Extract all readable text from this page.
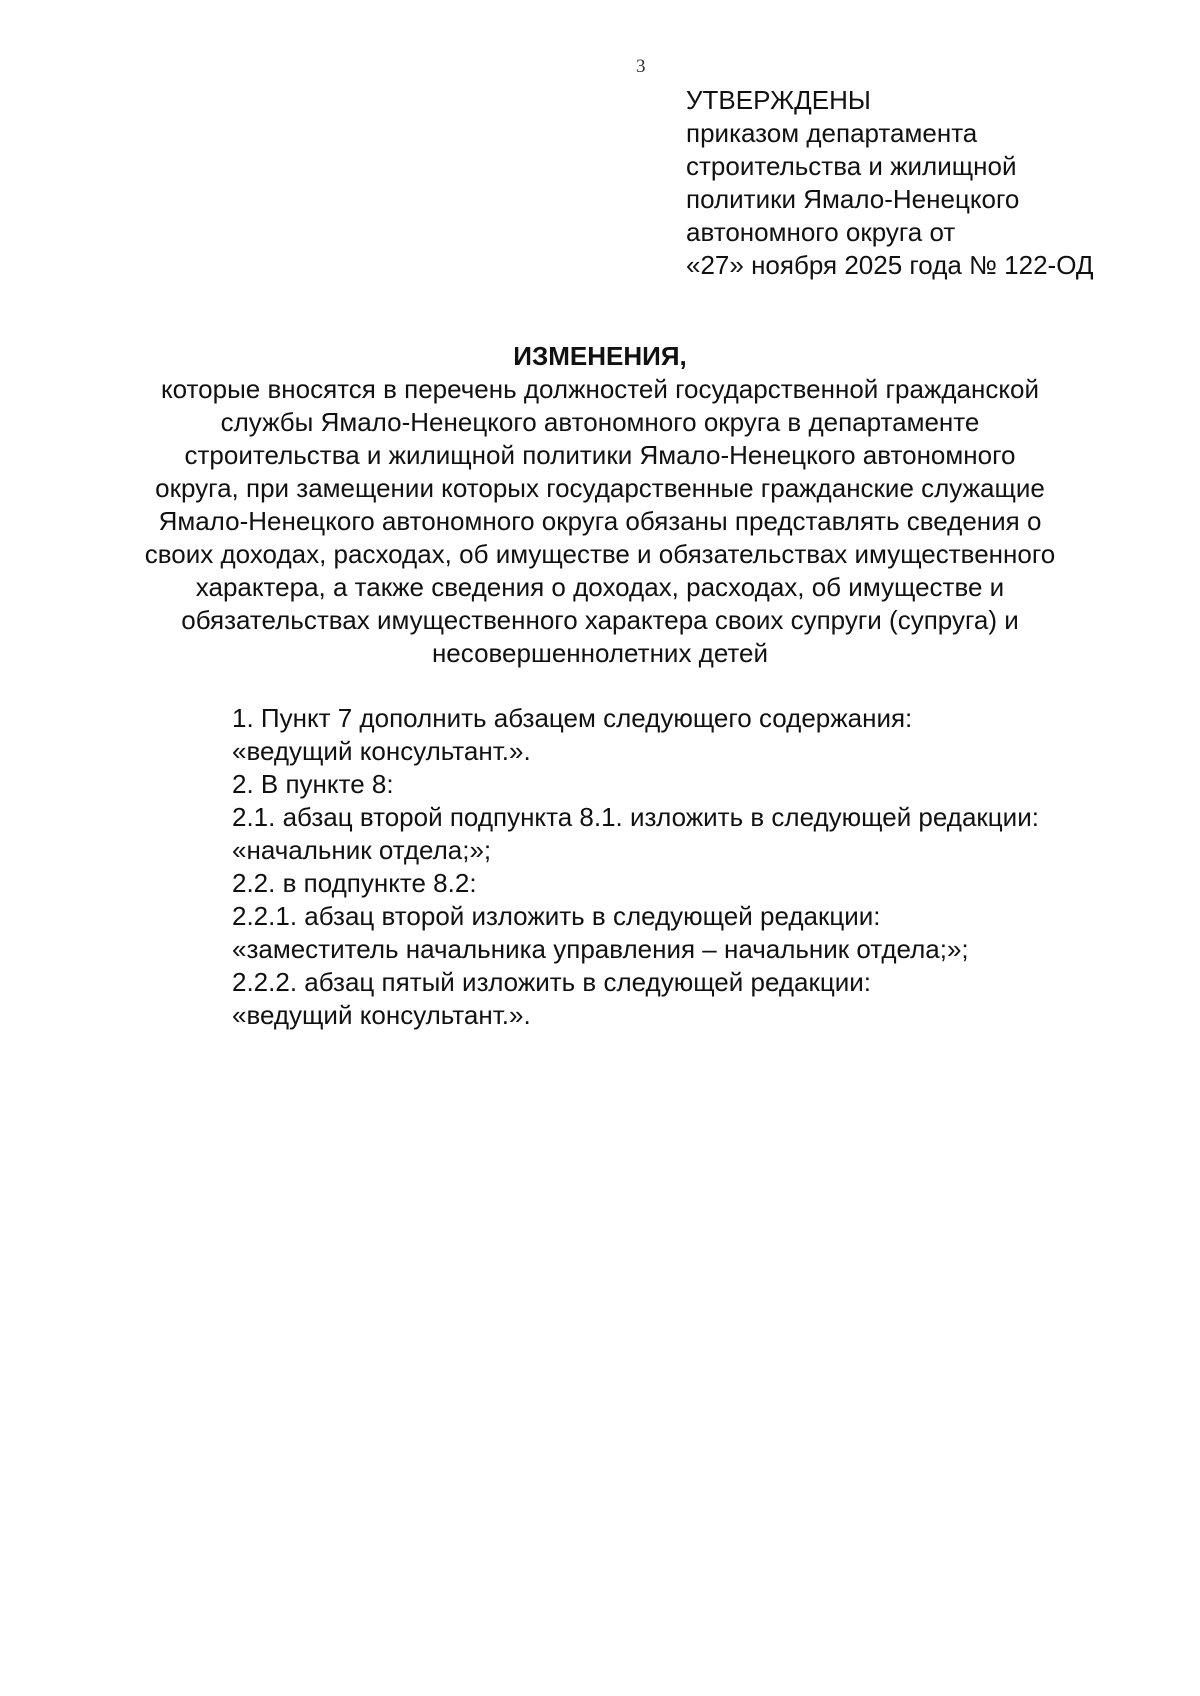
3
УТВЕРЖДЕНЫ
приказом департамента
строительства и жилищной
политики Ямало-Ненецкого
автономного округа от
«27» ноября 2025 года № 122-ОД
ИЗМЕНЕНИЯ,
которые вносятся в перечень должностей государственной гражданской
службы Ямало-Ненецкого автономного округа в департаменте
строительства и жилищной политики Ямало-Ненецкого автономного
округа, при замещении которых государственные гражданские служащие
Ямало-Ненецкого автономного округа обязаны представлять сведения о
своих доходах, расходах, об имуществе и обязательствах имущественного
характера, а также сведения о доходах, расходах, об имуществе и
обязательствах имущественного характера своих супруги (супруга) и
несовершеннолетних детей
1. Пункт 7 дополнить абзацем следующего содержания:
«ведущий консультант.».
2. В пункте 8:
2.1. абзац второй подпункта 8.1. изложить в следующей редакции:
«начальник отдела;»;
2.2. в подпункте 8.2:
2.2.1. абзац второй изложить в следующей редакции:
«заместитель начальника управления – начальник отдела;»;
2.2.2. абзац пятый изложить в следующей редакции:
«ведущий консультант.».
